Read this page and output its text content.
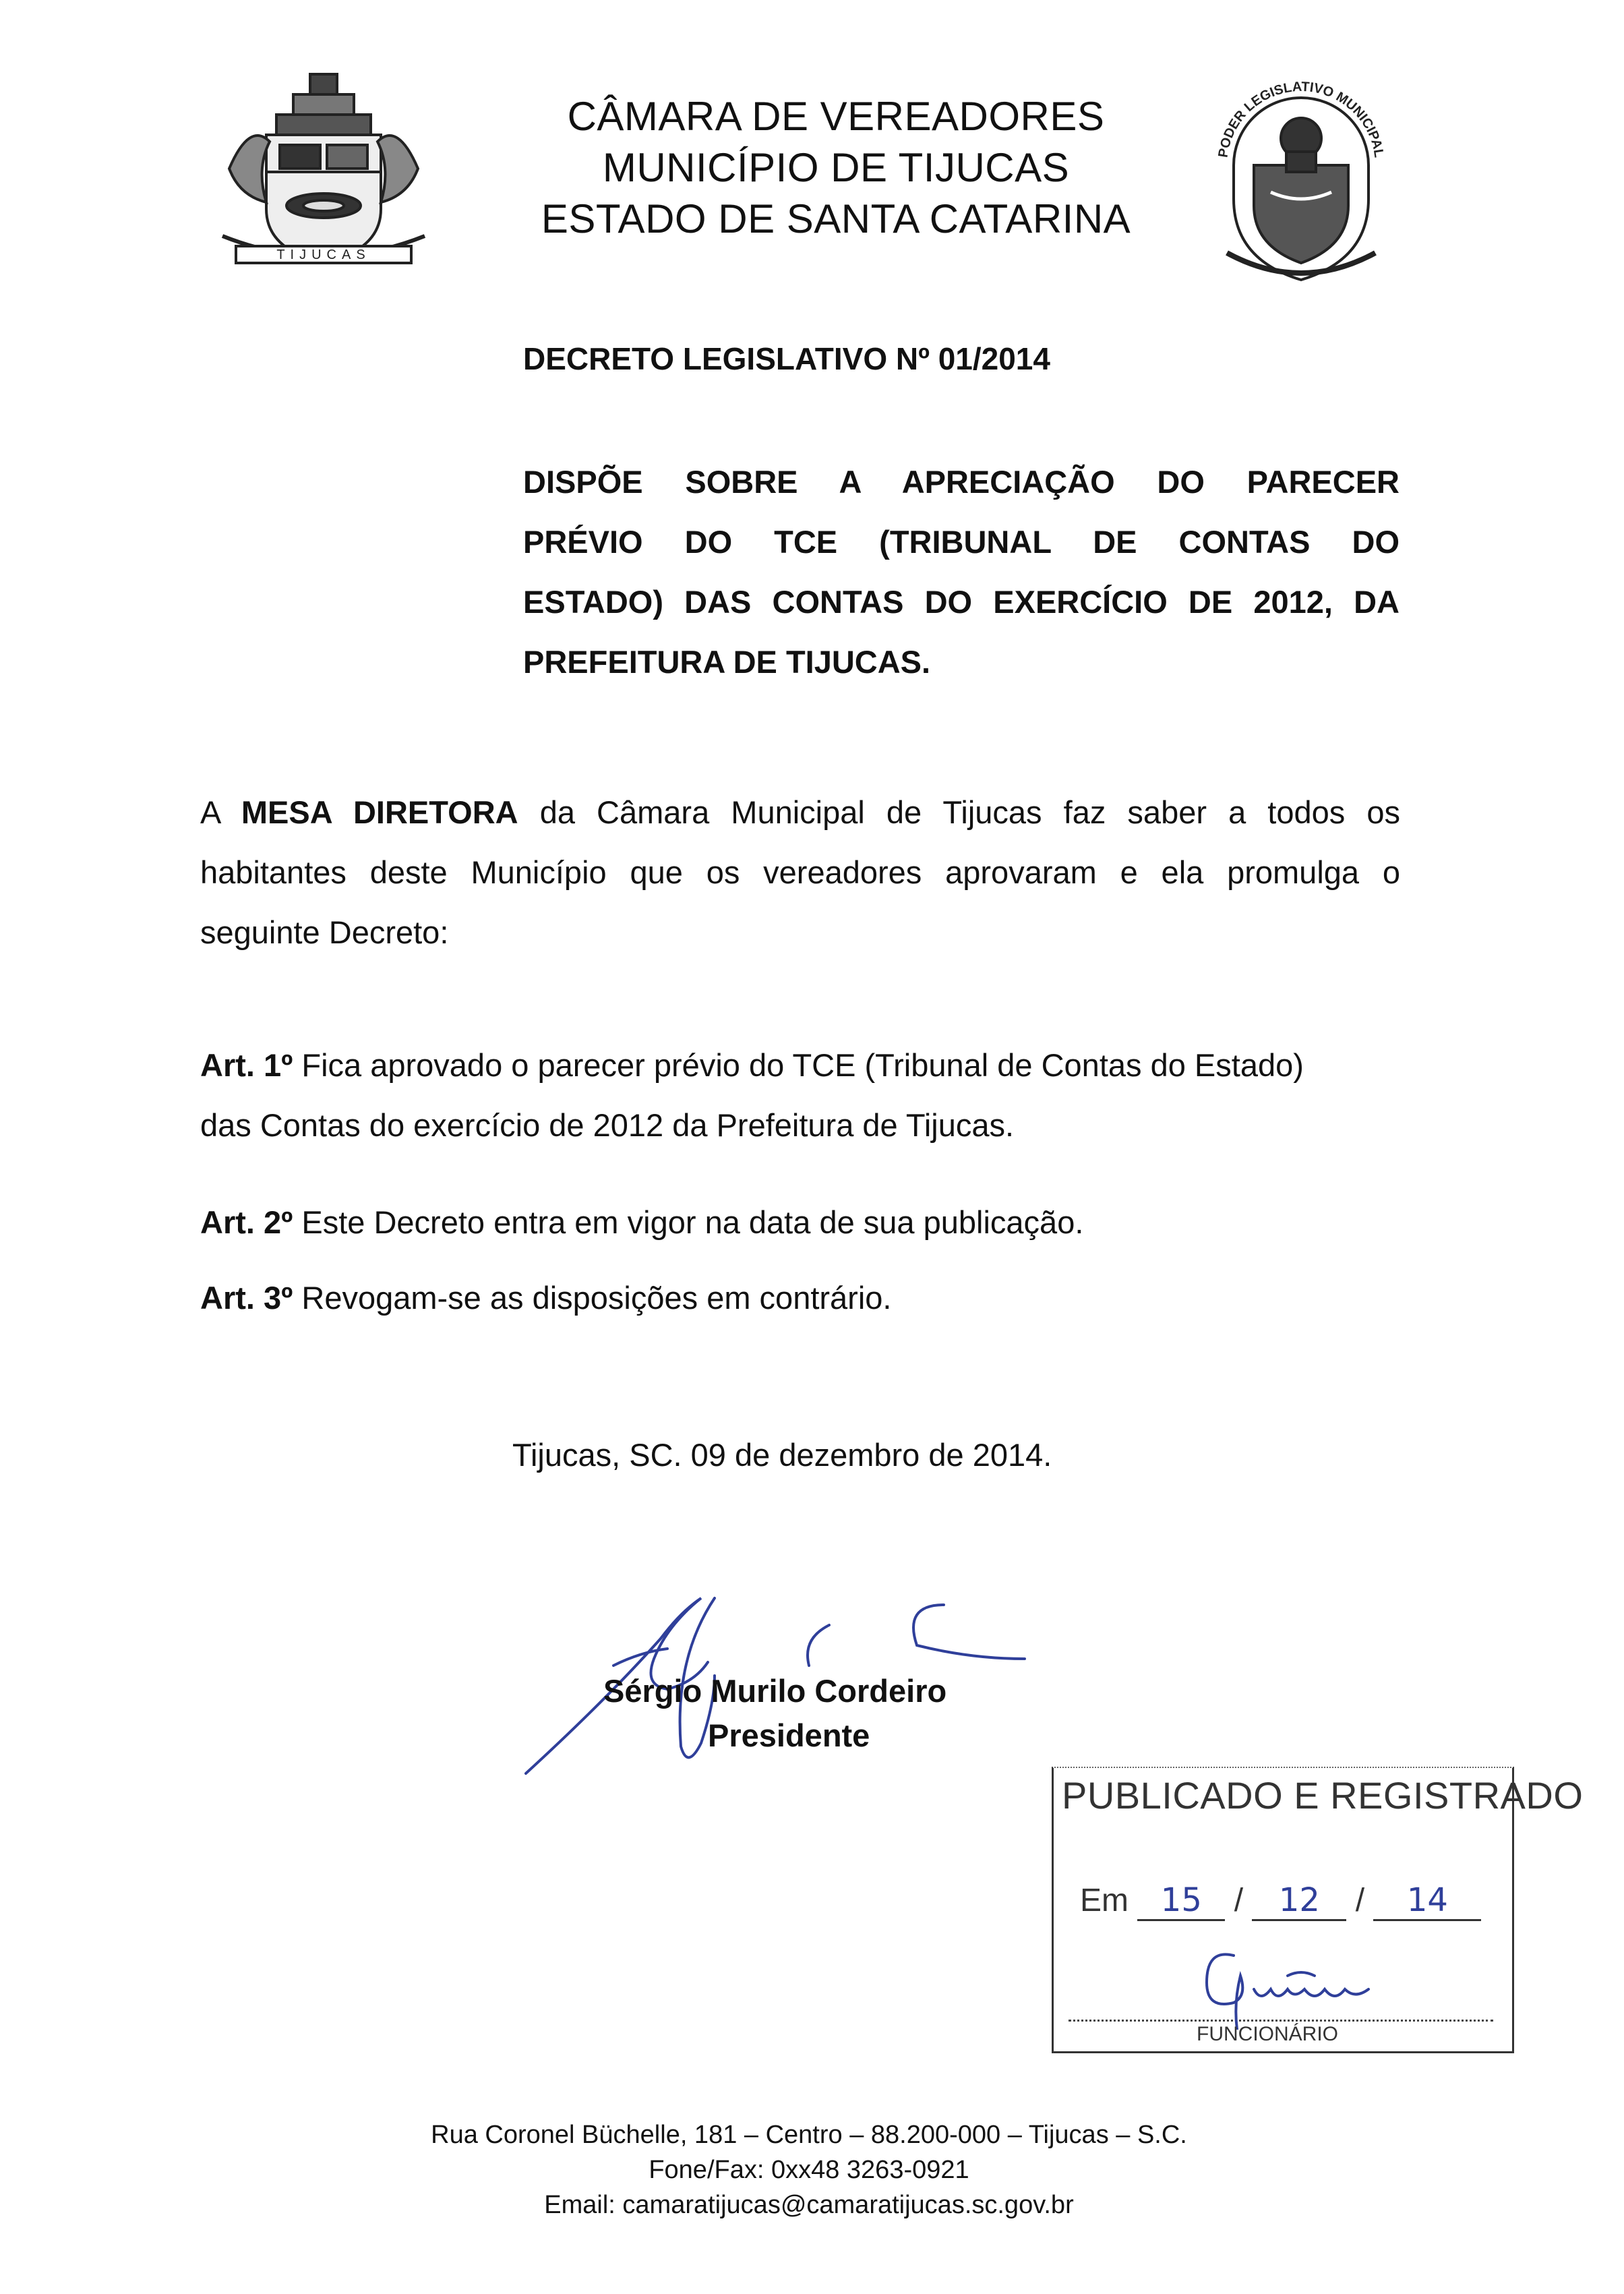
TIJUCAS
CÂMARA DE VEREADORES
MUNICÍPIO DE TIJUCAS
ESTADO DE SANTA CATARINA
PODER LEGISLATIVO MUNICIPAL
DECRETO LEGISLATIVO Nº 01/2014
DISPÕE SOBRE A APRECIAÇÃO DO PARECER
PRÉVIO DO TCE (TRIBUNAL DE CONTAS DO
ESTADO) DAS CONTAS DO EXERCÍCIO DE 2012, DA
PREFEITURA DE TIJUCAS.
A MESA DIRETORA da Câmara Municipal de Tijucas faz saber a todos os
habitantes deste Município que os vereadores aprovaram e ela promulga o
seguinte Decreto:
Art. 1º Fica aprovado o parecer prévio do TCE (Tribunal de Contas do Estado)
das Contas do exercício de 2012 da Prefeitura de Tijucas.
Art. 2º Este Decreto entra em vigor na data de sua publicação.
Art. 3º Revogam-se as disposições em contrário.
Tijucas, SC. 09 de dezembro de 2014.
Sérgio Murilo Cordeiro
Presidente
PUBLICADO E REGISTRADO
Em 15 / 12 / 14
FUNCIONÁRIO
Rua Coronel Büchelle, 181 – Centro – 88.200-000 – Tijucas – S.C.
Fone/Fax: 0xx48 3263-0921
Email: camaratijucas@camaratijucas.sc.gov.br
